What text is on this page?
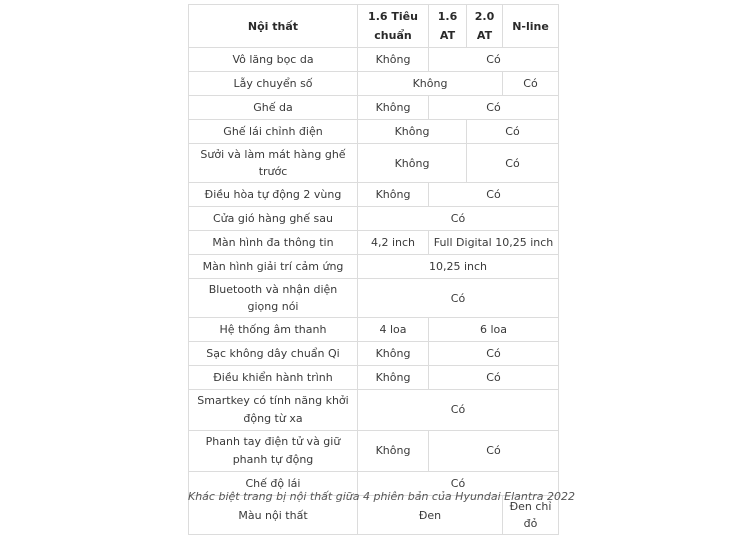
Nội thất	1.6 Tiêu chuẩn	1.6 AT	2.0 AT	N-line
Vô lăng bọc da	Không	Có		
Lẫy chuyển số	Không			Có
Ghế da	Không	Có		
Ghế lái chỉnh điện	Không		Có	
Sưởi và làm mát hàng ghế trước	Không		Có	
Điều hòa tự động 2 vùng	Không	Có		
Cửa gió hàng ghế sau	Có			
Màn hình đa thông tin	4,2 inch	Full Digital 10,25 inch		
Màn hình giải trí cảm ứng	10,25 inch			
Bluetooth và nhận diện giọng nói	Có			
Hệ thống âm thanh	4 loa	6 loa		
Sạc không dây chuẩn Qi	Không	Có		
Điều khiển hành trình	Không	Có		
Smartkey có tính năng khởi động từ xa	Có			
Phanh tay điện tử và giữ phanh tự động	Không	Có		
Chế độ lái	Có			
Màu nội thất	Đen			Đen chỉ đỏ
Khác biệt trang bị nội thất giữa 4 phiên bản của Hyundai Elantra 2022
